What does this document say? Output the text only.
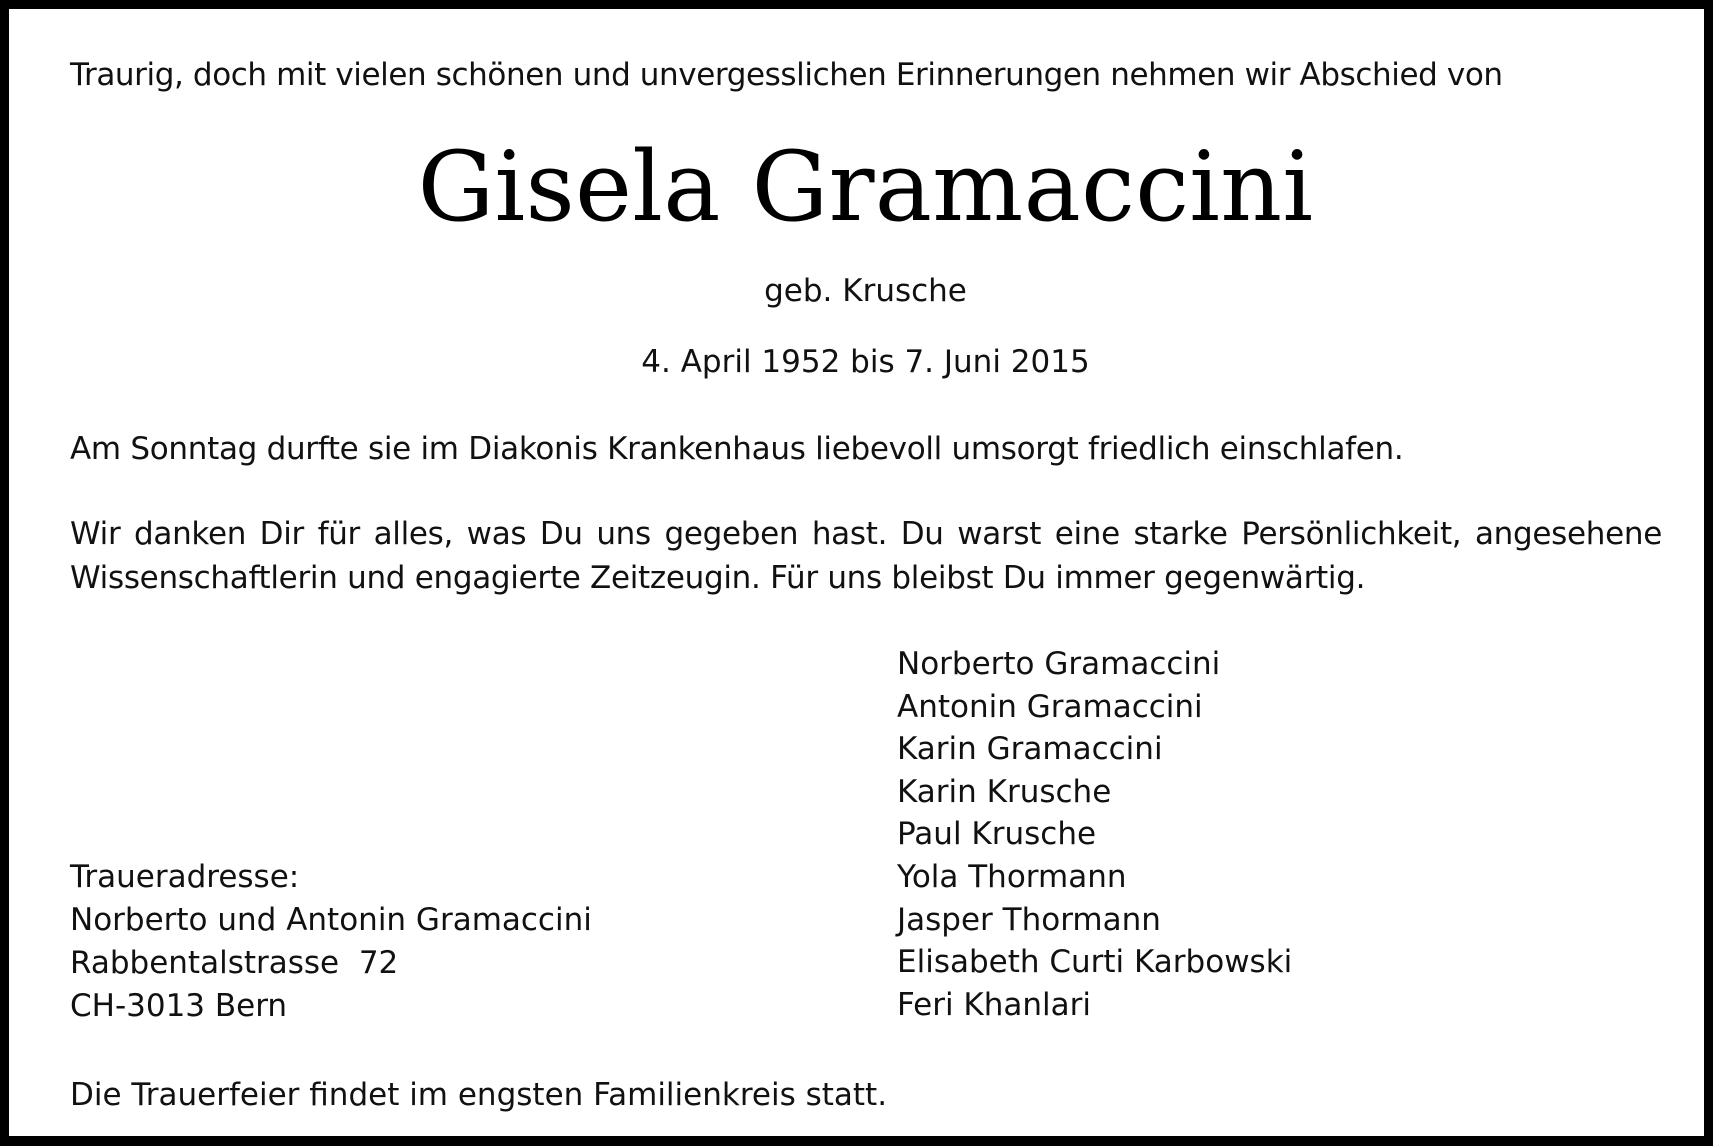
Traurig, doch mit vielen schönen und unvergesslichen Erinnerungen nehmen wir Abschied von
Gisela Gramaccini
geb. Krusche
4. April 1952 bis 7. Juni 2015
Am Sonntag durfte sie im Diakonis Krankenhaus liebevoll umsorgt friedlich einschlafen.
Wir danken Dir für alles, was Du uns gegeben hast. Du warst eine starke Persönlichkeit, angesehene Wissenschaftlerin und engagierte Zeitzeugin. Für uns bleibst Du immer gegenwärtig.
Norberto Gramaccini
Antonin Gramaccini
Karin Gramaccini
Karin Krusche
Paul Krusche
Yola Thormann
Jasper Thormann
Elisabeth Curti Karbowski
Feri Khanlari
Traueradresse:
Norberto und Antonin Gramaccini
Rabbentalstrasse  72
CH-3013 Bern
Die Trauerfeier findet im engsten Familienkreis statt.
